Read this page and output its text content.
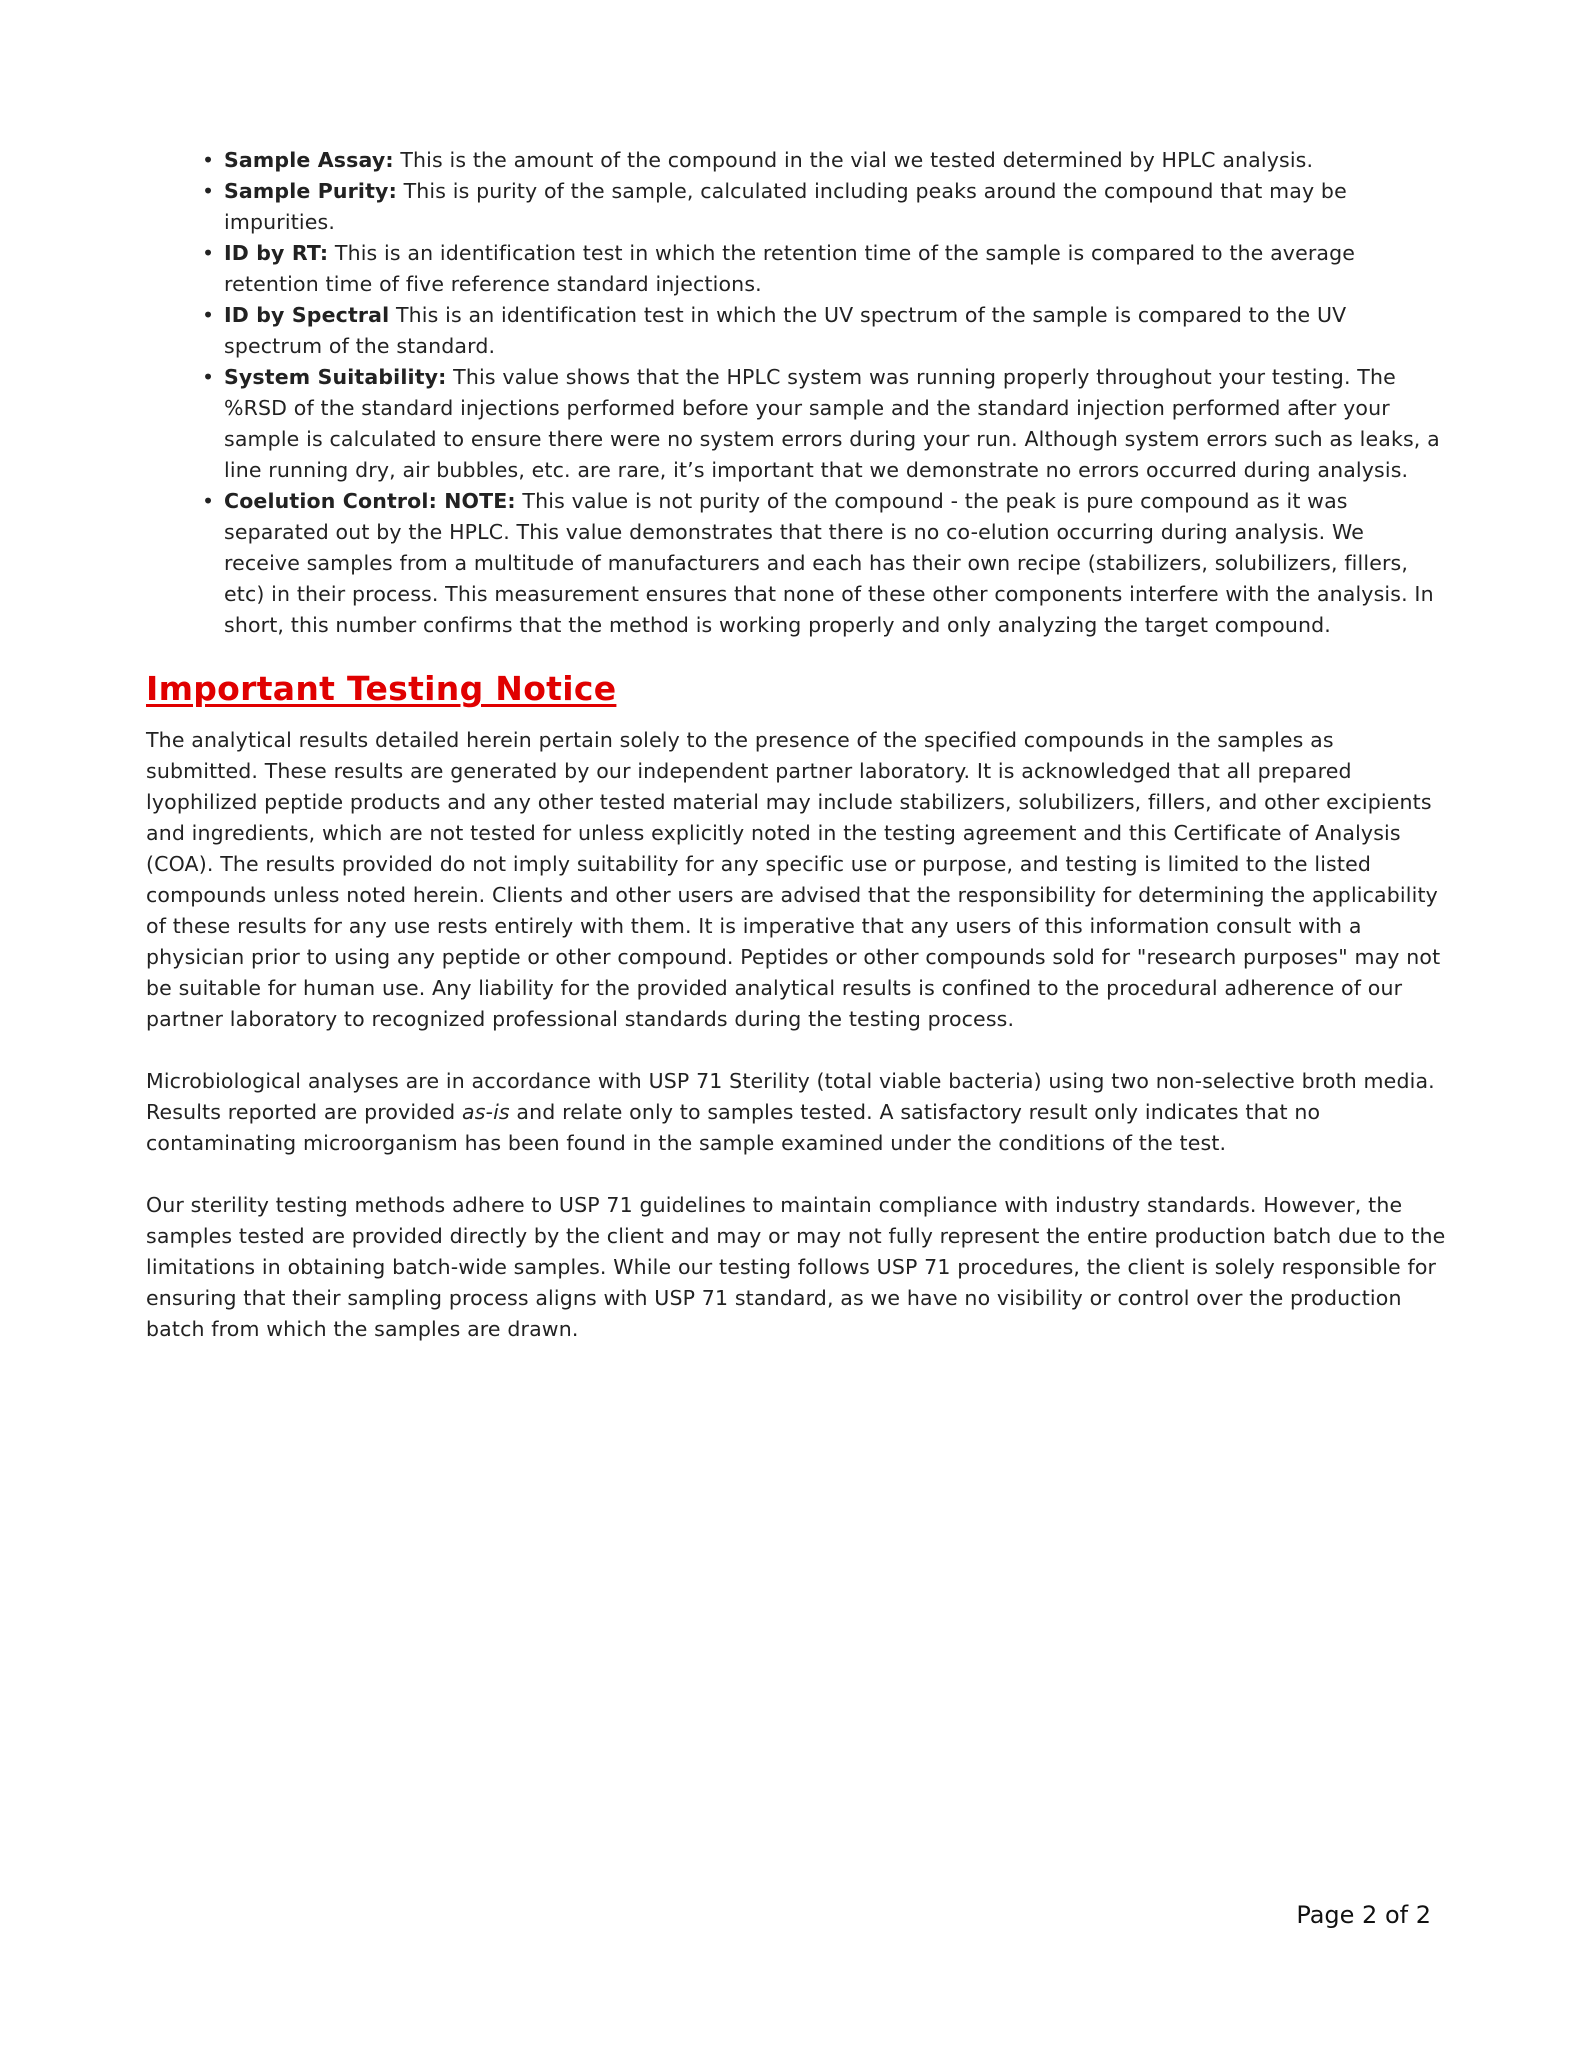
• Sample Assay: This is the amount of the compound in the vial we tested determined by HPLC analysis.
• Sample Purity: This is purity of the sample, calculated including peaks around the compound that may be impurities.
• ID by RT: This is an identification test in which the retention time of the sample is compared to the average retention time of five reference standard injections.
• ID by Spectral This is an identification test in which the UV spectrum of the sample is compared to the UV spectrum of the standard.
• System Suitability: This value shows that the HPLC system was running properly throughout your testing. The %RSD of the standard injections performed before your sample and the standard injection performed after your sample is calculated to ensure there were no system errors during your run. Although system errors such as leaks, a line running dry, air bubbles, etc. are rare, it’s important that we demonstrate no errors occurred during analysis.
• Coelution Control: NOTE: This value is not purity of the compound - the peak is pure compound as it was separated out by the HPLC. This value demonstrates that there is no co-elution occurring during analysis. We receive samples from a multitude of manufacturers and each has their own recipe (stabilizers, solubilizers, fillers, etc) in their process. This measurement ensures that none of these other components interfere with the analysis. In short, this number confirms that the method is working properly and only analyzing the target compound.
Important Testing Notice

The analytical results detailed herein pertain solely to the presence of the specified compounds in the samples as submitted. These results are generated by our independent partner laboratory. It is acknowledged that all prepared lyophilized peptide products and any other tested material may include stabilizers, solubilizers, fillers, and other excipients and ingredients, which are not tested for unless explicitly noted in the testing agreement and this Certificate of Analysis (COA). The results provided do not imply suitability for any specific use or purpose, and testing is limited to the listed compounds unless noted herein. Clients and other users are advised that the responsibility for determining the applicability of these results for any use rests entirely with them. It is imperative that any users of this information consult with a physician prior to using any peptide or other compound. Peptides or other compounds sold for "research purposes" may not be suitable for human use. Any liability for the provided analytical results is confined to the procedural adherence of our partner laboratory to recognized professional standards during the testing process.

Microbiological analyses are in accordance with USP 71 Sterility (total viable bacteria) using two non-selective broth media. Results reported are provided as-is and relate only to samples tested. A satisfactory result only indicates that no contaminating microorganism has been found in the sample examined under the conditions of the test.

Our sterility testing methods adhere to USP 71 guidelines to maintain compliance with industry standards. However, the samples tested are provided directly by the client and may or may not fully represent the entire production batch due to the limitations in obtaining batch-wide samples. While our testing follows USP 71 procedures, the client is solely responsible for ensuring that their sampling process aligns with USP 71 standard, as we have no visibility or control over the production batch from which the samples are drawn.

Page 2 of 2
